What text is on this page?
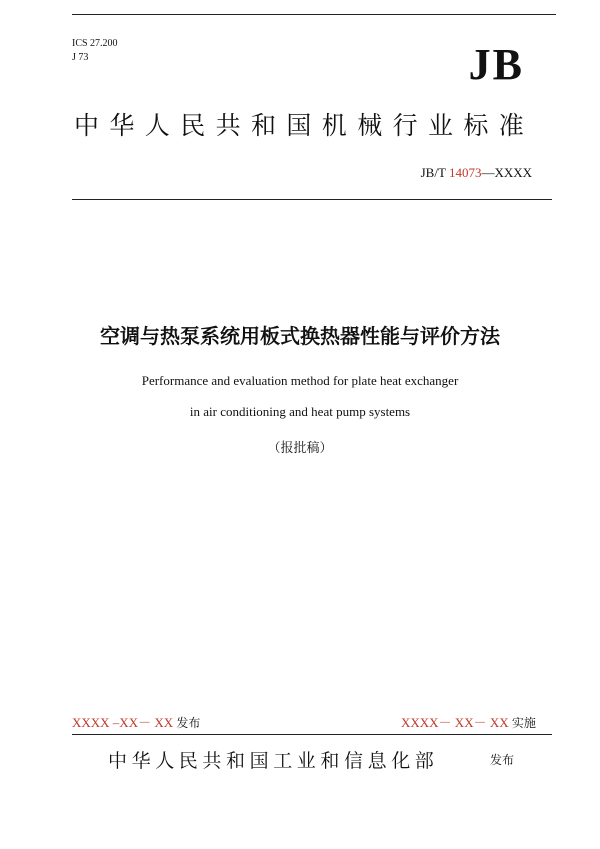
ICS 27.200
J 73	JB
中华人民共和国机械行业标准
JB/T 14073—XXXX
空调与热泵系统用板式换热器性能与评价方法
Performance and evaluation method for plate heat exchanger
in air conditioning and heat pump systems
（报批稿）
XXXX –XX－ XX 发布	XXXX－ XX－ XX 实施
中华人民共和国工业和信息化部	发布
